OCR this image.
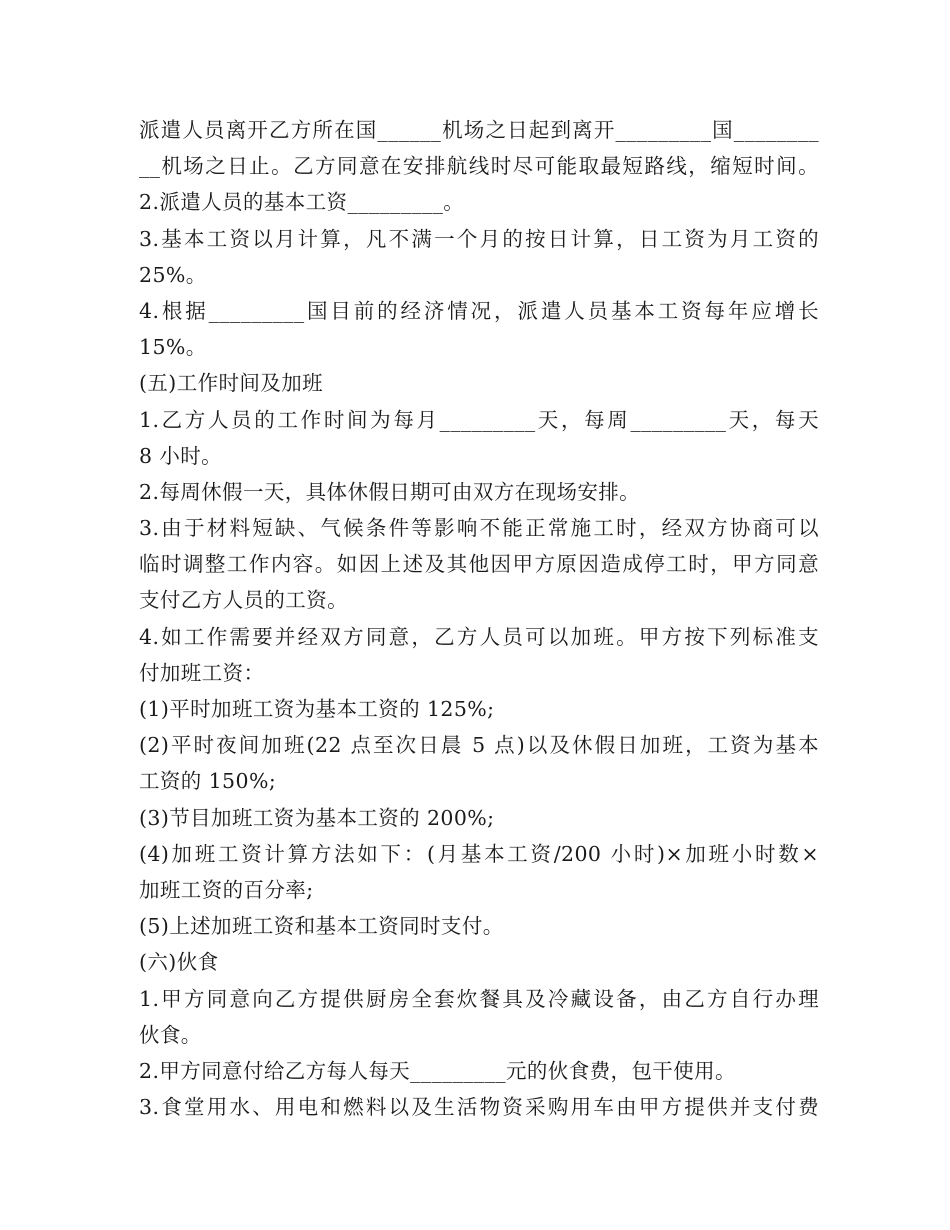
派遣人员离开乙方所在国______机场之日起到离开_________国________
__机场之日止。乙方同意在安排航线时尽可能取最短路线，缩短时间。
2.派遣人员的基本工资_________。
3.基本工资以月计算，凡不满一个月的按日计算，日工资为月工资的
25%。
4.根据_________国目前的经济情况，派遣人员基本工资每年应增长
15%。
(五)工作时间及加班
1.乙方人员的工作时间为每月_________天，每周_________天，每天
8 小时。
2.每周休假一天，具体休假日期可由双方在现场安排。
3.由于材料短缺、气候条件等影响不能正常施工时，经双方协商可以
临时调整工作内容。如因上述及其他因甲方原因造成停工时，甲方同意
支付乙方人员的工资。
4.如工作需要并经双方同意，乙方人员可以加班。甲方按下列标准支
付加班工资：
(1)平时加班工资为基本工资的 125%;
(2)平时夜间加班(22 点至次日晨 5 点)以及休假日加班，工资为基本
工资的 150%;
(3)节目加班工资为基本工资的 200%;
(4)加班工资计算方法如下：(月基本工资/200 小时)×加班小时数×
加班工资的百分率;
(5)上述加班工资和基本工资同时支付。
(六)伙食
1.甲方同意向乙方提供厨房全套炊餐具及冷藏设备，由乙方自行办理
伙食。
2.甲方同意付给乙方每人每天_________元的伙食费，包干使用。
3.食堂用水、用电和燃料以及生活物资采购用车由甲方提供并支付费
